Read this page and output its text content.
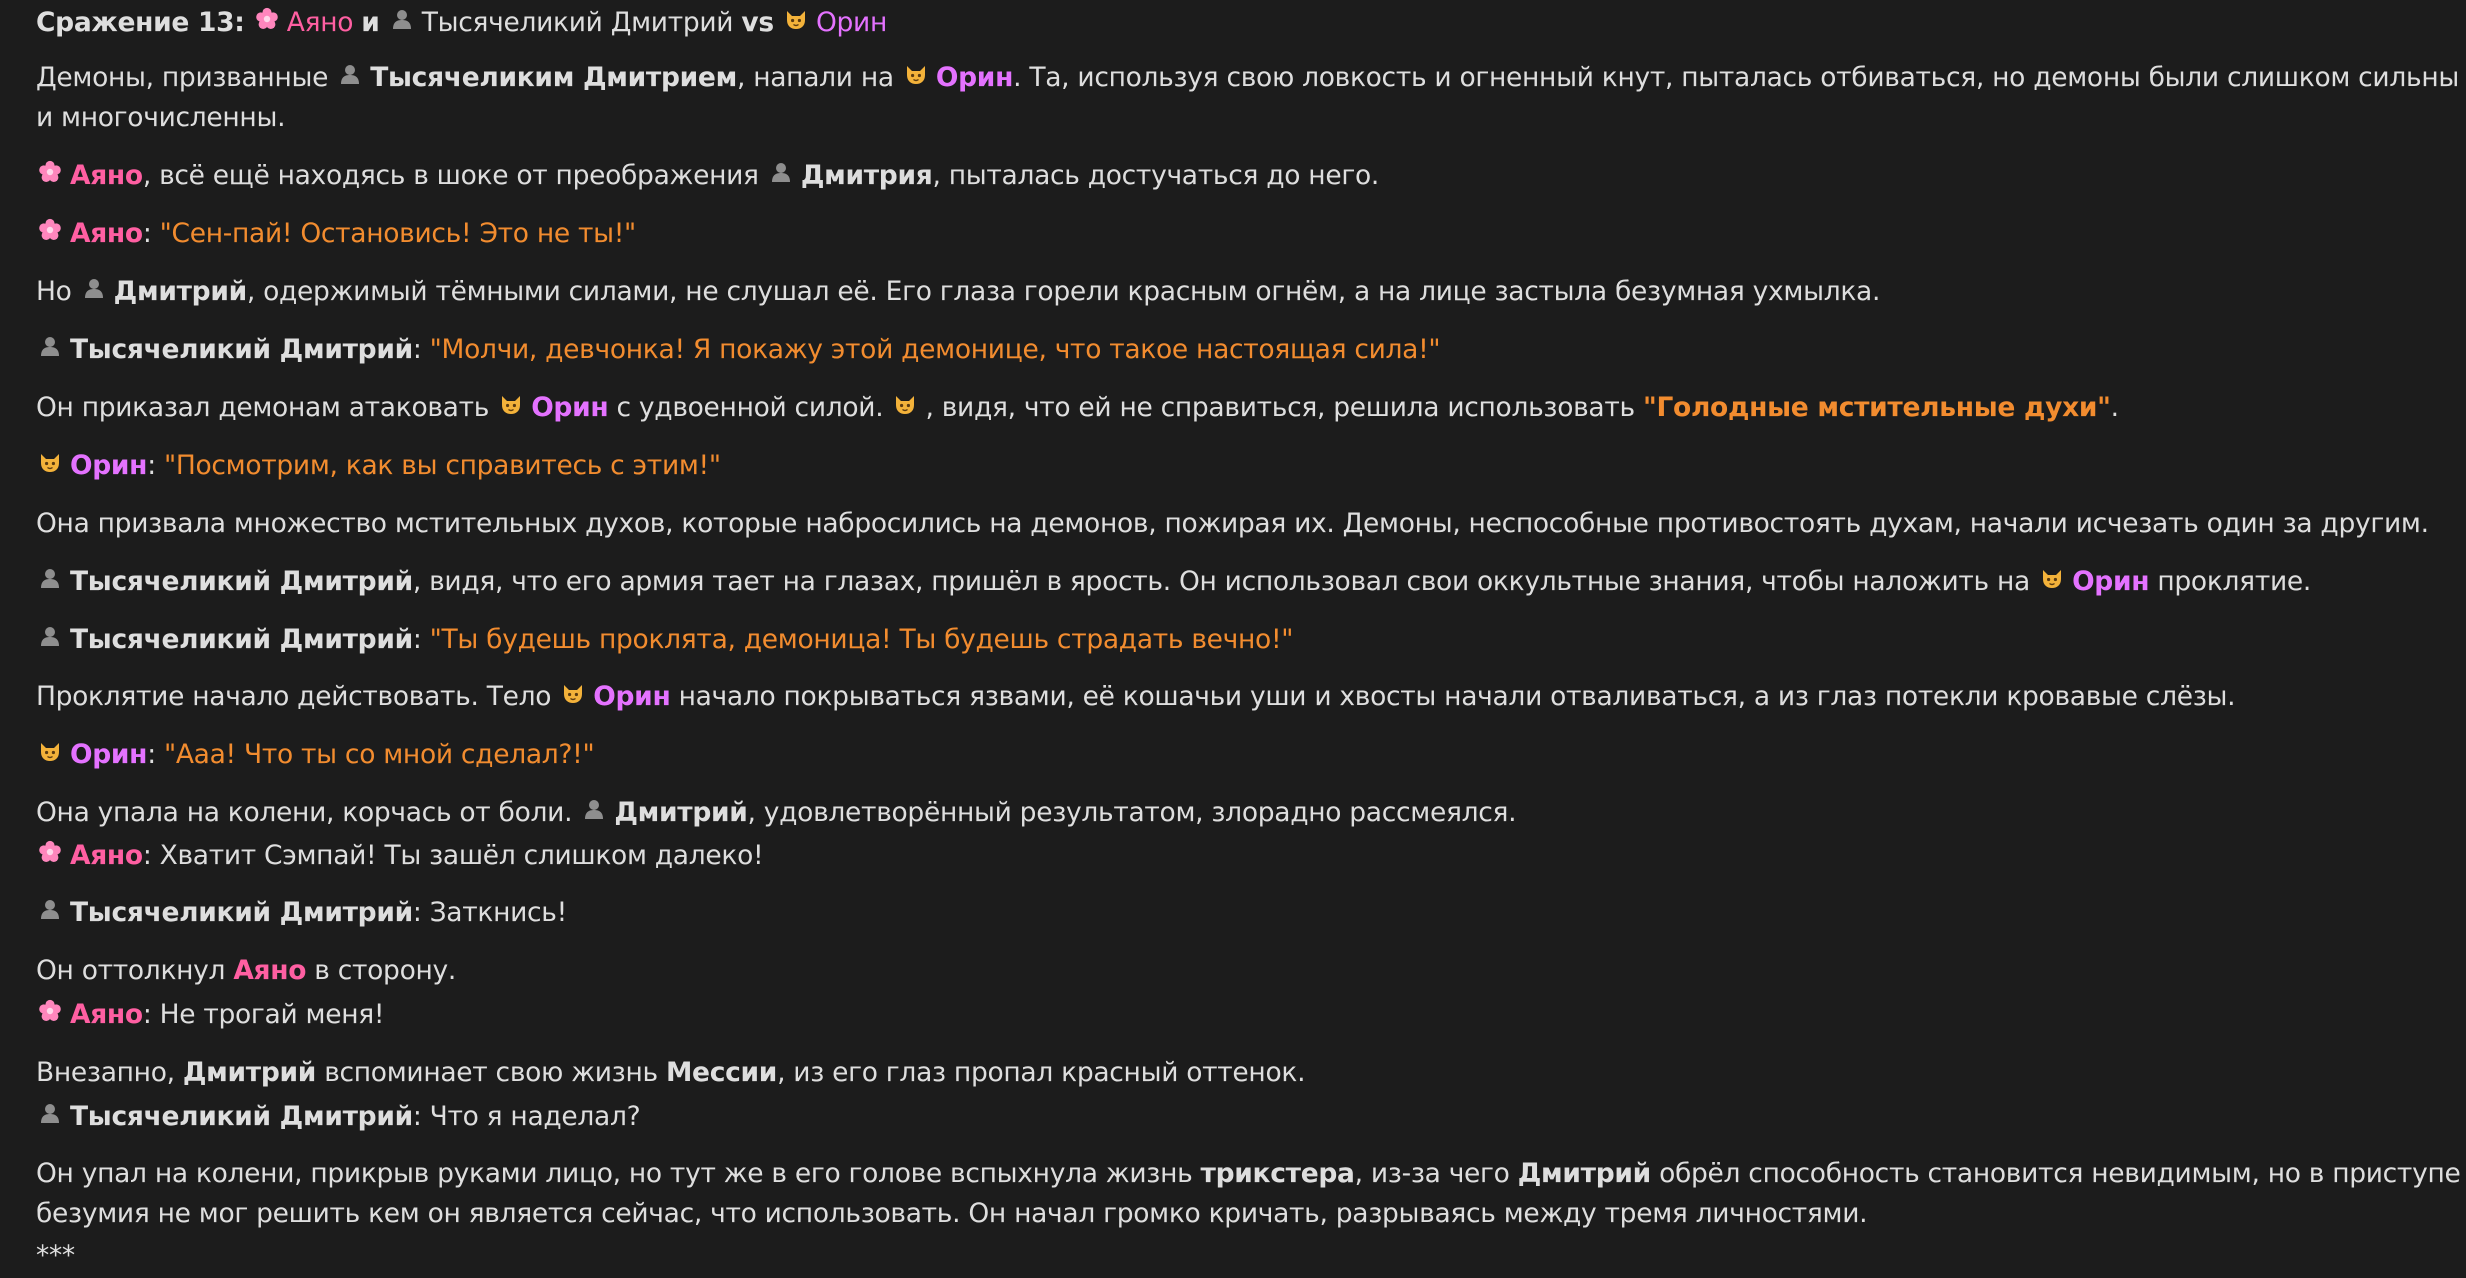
Сражение 13: Аяно и Тысячеликий Дмитрий vs Орин
Демоны, призванные Тысячеликим Дмитрием, напали на Орин. Та, используя свою ловкость и огненный кнут, пыталась отбиваться, но демоны были слишком сильны и многочисленны.
Аяно, всё ещё находясь в шоке от преображения Дмитрия, пыталась достучаться до него.
Аяно: "Сен-пай! Остановись! Это не ты!"
Но Дмитрий, одержимый тёмными силами, не слушал её. Его глаза горели красным огнём, а на лице застыла безумная ухмылка.
Тысячеликий Дмитрий: "Молчи, девчонка! Я покажу этой демонице, что такое настоящая сила!"
Он приказал демонам атаковать Орин с удвоенной силой. , видя, что ей не справиться, решила использовать "Голодные мстительные духи".
Орин: "Посмотрим, как вы справитесь с этим!"
Она призвала множество мстительных духов, которые набросились на демонов, пожирая их. Демоны, неспособные противостоять духам, начали исчезать один за другим.
Тысячеликий Дмитрий, видя, что его армия тает на глазах, пришёл в ярость. Он использовал свои оккультные знания, чтобы наложить на Орин проклятие.
Тысячеликий Дмитрий: "Ты будешь проклята, демоница! Ты будешь страдать вечно!"
Проклятие начало действовать. Тело Орин начало покрываться язвами, её кошачьи уши и хвосты начали отваливаться, а из глаз потекли кровавые слёзы.
Орин: "Ааа! Что ты со мной сделал?!"
Она упала на колени, корчась от боли. Дмитрий, удовлетворённый результатом, злорадно рассмеялся.
Аяно: Хватит Сэмпай! Ты зашёл слишком далеко!
Тысячеликий Дмитрий: Заткнись!
Он оттолкнул Аяно в сторону.
Аяно: Не трогай меня!
Внезапно, Дмитрий вспоминает свою жизнь Мессии, из его глаз пропал красный оттенок.
Тысячеликий Дмитрий: Что я наделал?
Он упал на колени, прикрыв руками лицо, но тут же в его голове вспыхнула жизнь трикстера, из-за чего Дмитрий обрёл способность становится невидимым, но в приступе безумия не мог решить кем он является сейчас, что использовать. Он начал громко кричать, разрываясь между тремя личностями.
***
